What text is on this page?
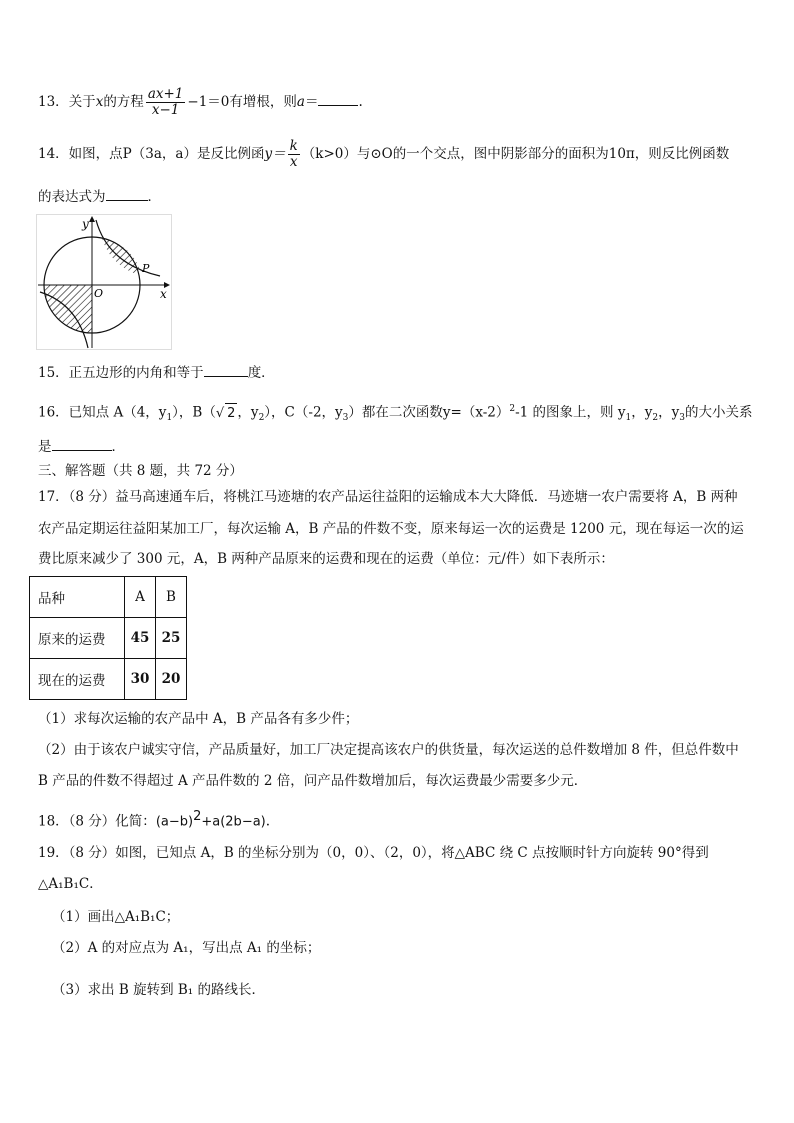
13．关于x的方程 $\frac{ax+1}{x-1} -1=0$有增根，则a＝	.
14．如图，点P（3a，a）是反比例函$y= \frac{k}{x} (k>0)$与⊙O的一个交点，图中阴影部分的面积为10π，则反比例函数
的表达式为	．
y
x
O
P
15．正五边形的内角和等于	度．
16．已知点 A（4，$y_1$），B（√ 2 ，$y_2$），C（-2，$y_3$）都在二次函数$y=(x-2)^2-1$ 的图象上，则 $y_1$，$y_2$，$y_3$的大小关系
是	．
三、解答题（共 8 题，共 72 分）
17．（8 分）益马高速通车后，将桃江马迹塘的农产品运往益阳的运输成本大大降低．马迹塘一农户需要将 A，B 两种
农产品定期运往益阳某加工厂，每次运输 A，B 产品的件数不变，原来每运一次的运费是 1200 元，现在每运一次的运
费比原来减少了 300 元，A，B 两种产品原来的运费和现在的运费（单位：元/件）如下表所示：
品种	A	B
原来的运费	45	25
现在的运费	30	20
（1）求每次运输的农产品中 A，B 产品各有多少件；
（2）由于该农户诚实守信，产品质量好，加工厂决定提高该农户的供货量，每次运送的总件数增加 8 件，但总件数中
B 产品的件数不得超过 A 产品件数的 2 倍，问产品件数增加后，每次运费最少需要多少元．
18．（8 分）化简：$(a-b)^2+a(2b-a)$.
19．（8 分）如图，已知点 A，B 的坐标分别为（0，0）、（2，0），将△ABC 绕 C 点按顺时针方向旋转 90°得到
△A₁B₁C．
（1）画出△A₁B₁C；
（2）A 的对应点为 A₁，写出点 A₁ 的坐标；
（3）求出 B 旋转到 B₁ 的路线长．
